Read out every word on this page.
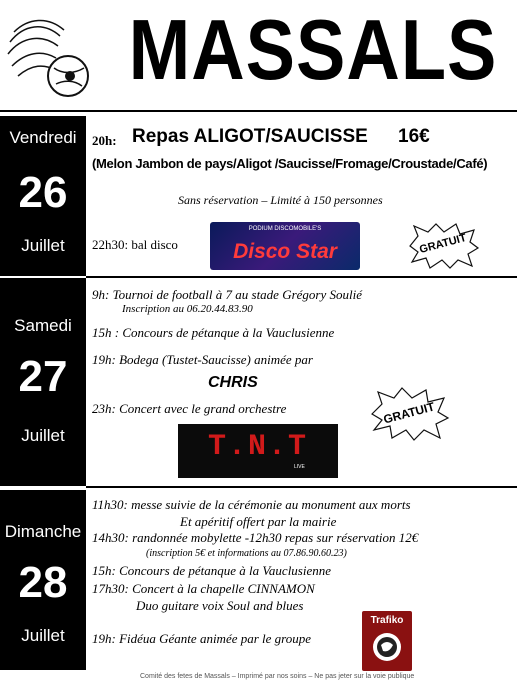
MASSALS
Vendredi
26
Juillet
20h: Repas ALIGOT/SAUCISSE 16€
(Melon Jambon de pays/Aligot /Saucisse/Fromage/Croustade/Café)
Sans réservation – Limité à 150 personnes
22h30: bal disco
PODIUM DISCOMOBILE'S
Disco Star	GRATUIT
Samedi
27
Juillet
9h: Tournoi de football à 7 au stade Grégory Soulié
Inscription au 06.20.44.83.90
15h : Concours de pétanque à la Vauclusienne
19h: Bodega (Tustet-Saucisse) animée par
CHRIS
23h: Concert avec le grand orchestre
T.N.T
LIVE
GRATUIT
Dimanche
28
Juillet
11h30: messe suivie de la cérémonie au monument aux morts
Et apéritif offert par la mairie
14h30: randonnée mobylette -12h30 repas sur réservation 12€
(inscription 5€ et informations au 07.86.90.60.23)
15h: Concours de pétanque à la Vauclusienne
17h30: Concert à la chapelle CINNAMON
Duo guitare voix Soul and blues
19h: Fidéua Géante animée par le groupe
Trafiko
Comité des fetes de Massals – Imprimé par nos soins – Ne pas jeter sur la voie publique
